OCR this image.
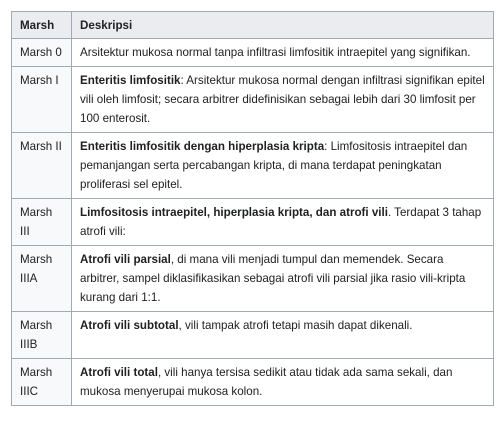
Marsh	Deskripsi
Marsh 0	Arsitektur mukosa normal tanpa infiltrasi limfositik intraepitel yang signifikan.
Marsh I	Enteritis limfositik: Arsitektur mukosa normal dengan infiltrasi signifikan epitel vili oleh limfosit; secara arbitrer didefinisikan sebagai lebih dari 30 limfosit per 100 enterosit.
Marsh II	Enteritis limfositik dengan hiperplasia kripta: Limfositosis intraepitel dan pemanjangan serta percabangan kripta, di mana terdapat peningkatan proliferasi sel epitel.
Marsh III	Limfositosis intraepitel, hiperplasia kripta, dan atrofi vili. Terdapat 3 tahap atrofi vili:
Marsh IIIA	Atrofi vili parsial, di mana vili menjadi tumpul dan memendek. Secara arbitrer, sampel diklasifikasikan sebagai atrofi vili parsial jika rasio vili-kripta kurang dari 1:1.
Marsh IIIB	Atrofi vili subtotal, vili tampak atrofi tetapi masih dapat dikenali.
Marsh IIIC	Atrofi vili total, vili hanya tersisa sedikit atau tidak ada sama sekali, dan mukosa menyerupai mukosa kolon.
